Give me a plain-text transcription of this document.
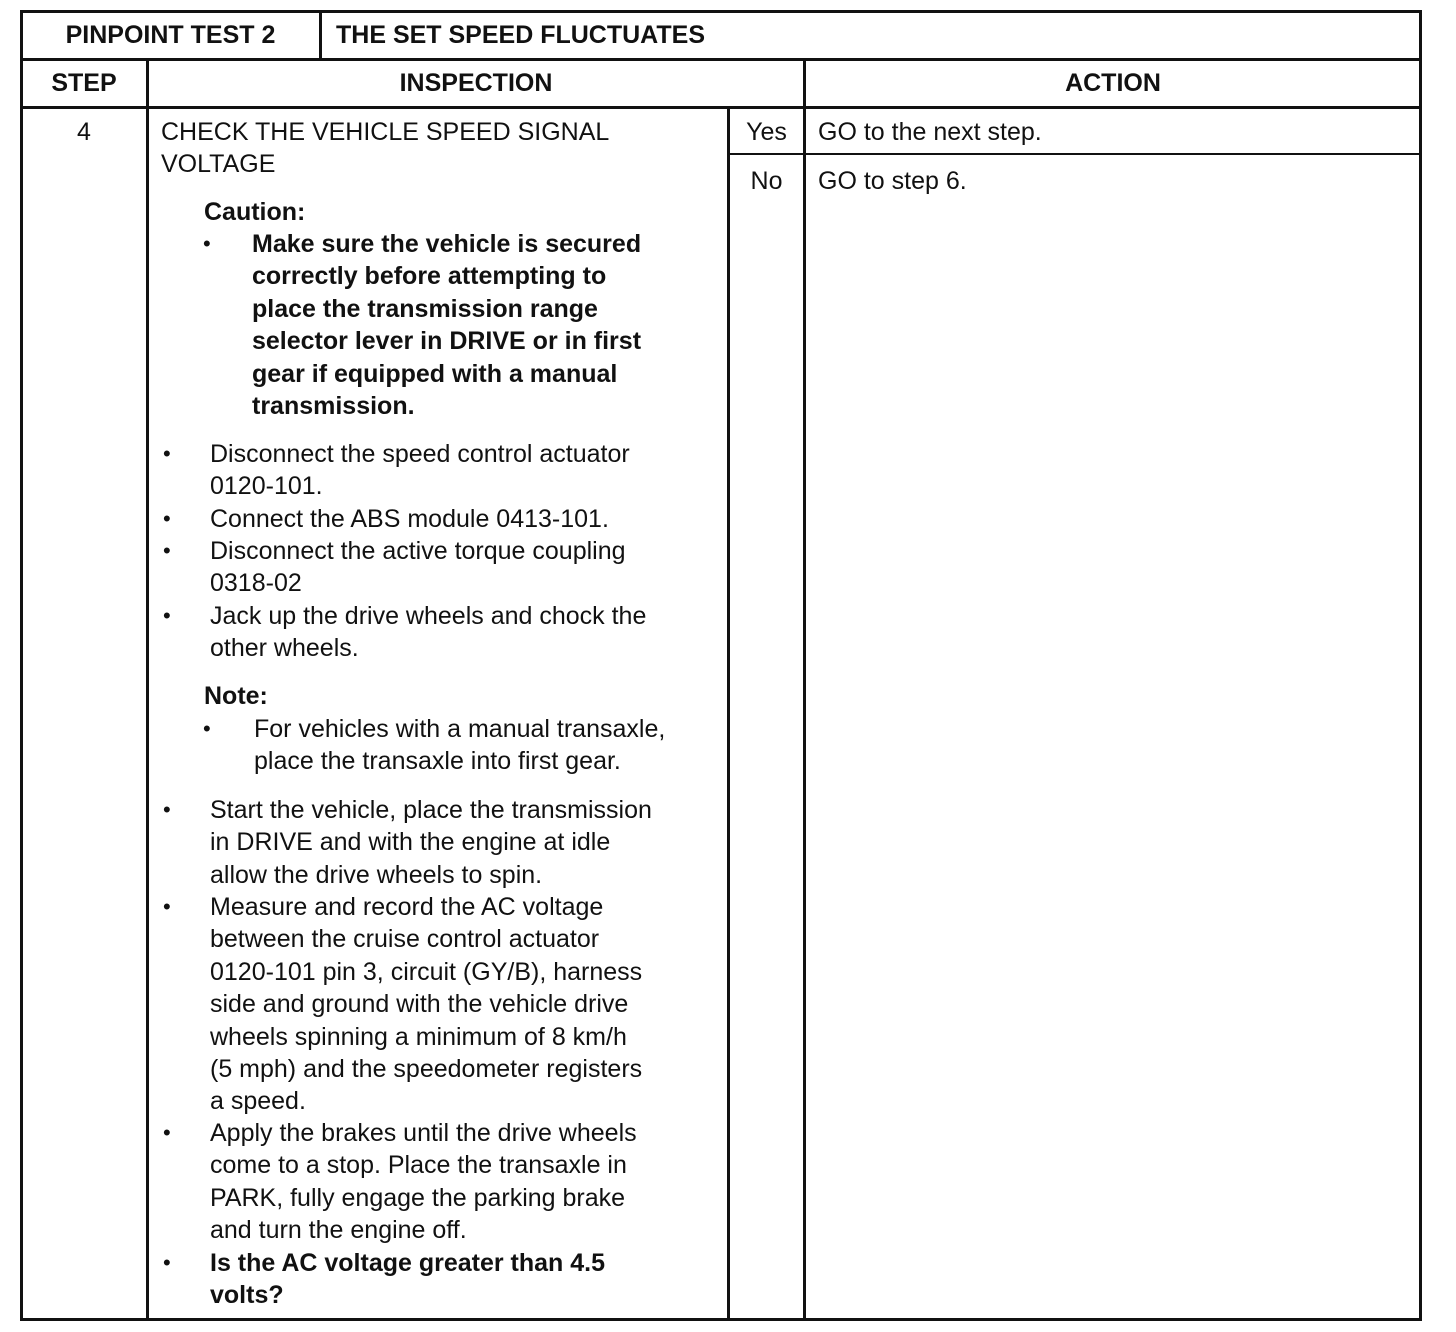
PINPOINT TEST 2	THE SET SPEED FLUCTUATES
STEP	INSPECTION	ACTION
4	CHECK THE VEHICLE SPEED SIGNAL
VOLTAGE
Caution:
• Make sure the vehicle is secured
correctly before attempting to
place the transmission range
selector lever in DRIVE or in first
gear if equipped with a manual
transmission.
• Disconnect the speed control actuator
0120-101.
• Connect the ABS module 0413-101.
• Disconnect the active torque coupling
0318-02
• Jack up the drive wheels and chock the
other wheels.
Note:
• For vehicles with a manual transaxle,
place the transaxle into first gear.
• Start the vehicle, place the transmission
in DRIVE and with the engine at idle
allow the drive wheels to spin.
• Measure and record the AC voltage
between the cruise control actuator
0120-101 pin 3, circuit (GY/B), harness
side and ground with the vehicle drive
wheels spinning a minimum of 8 km/h
(5 mph) and the speedometer registers
a speed.
• Apply the brakes until the drive wheels
come to a stop. Place the transaxle in
PARK, fully engage the parking brake
and turn the engine off.
• Is the AC voltage greater than 4.5
volts?
Yes	GO to the next step.
No	GO to step 6.
